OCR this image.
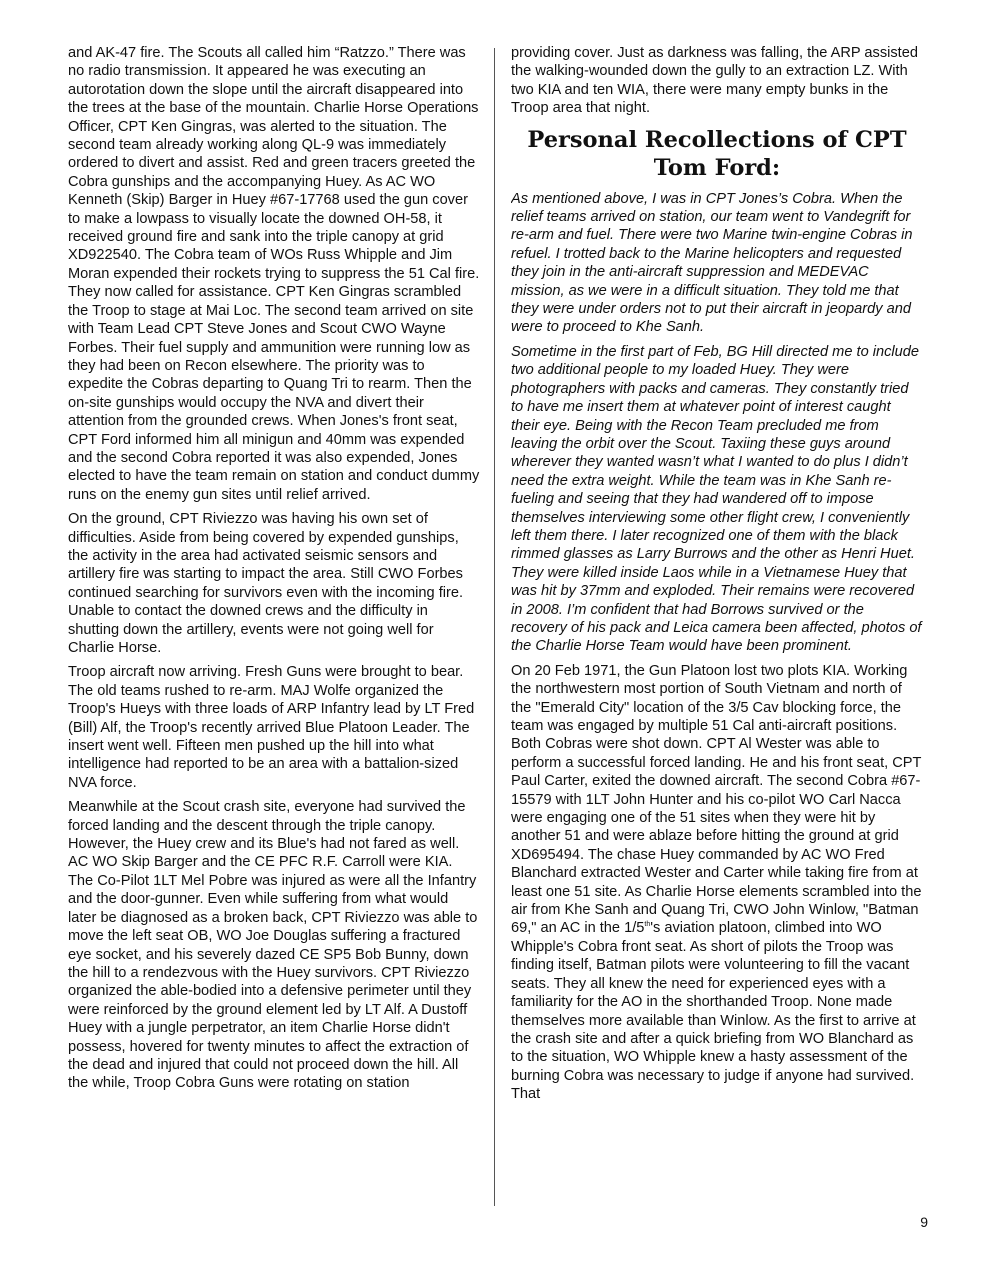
and AK-47 fire. The Scouts all called him “Ratzzo.” There was no radio transmission. It appeared he was executing an autorotation down the slope until the aircraft disappeared into the trees at the base of the mountain. Charlie Horse Operations Officer, CPT Ken Gingras, was alerted to the situation. The second team already working along QL-9 was immediately ordered to divert and assist. Red and green tracers greeted the Cobra gunships and the accompanying Huey. As AC WO Kenneth (Skip) Barger in Huey #67-17768 used the gun cover to make a lowpass to visually locate the downed OH-58, it received ground fire and sank into the triple canopy at grid XD922540. The Cobra team of WOs Russ Whipple and Jim Moran expended their rockets trying to suppress the 51 Cal fire. They now called for assistance. CPT Ken Gingras scrambled the Troop to stage at Mai Loc. The second team arrived on site with Team Lead CPT Steve Jones and Scout CWO Wayne Forbes. Their fuel supply and ammunition were running low as they had been on Recon elsewhere. The priority was to expedite the Cobras departing to Quang Tri to rearm. Then the on-site gunships would occupy the NVA and divert their attention from the grounded crews. When Jones's front seat, CPT Ford informed him all minigun and 40mm was expended and the second Cobra reported it was also expended, Jones elected to have the team remain on station and conduct dummy runs on the enemy gun sites until relief arrived.

On the ground, CPT Riviezzo was having his own set of difficulties. Aside from being covered by expended gunships, the activity in the area had activated seismic sensors and artillery fire was starting to impact the area. Still CWO Forbes continued searching for survivors even with the incoming fire. Unable to contact the downed crews and the difficulty in shutting down the artillery, events were not going well for Charlie Horse.

Troop aircraft now arriving. Fresh Guns were brought to bear. The old teams rushed to re-arm. MAJ Wolfe organized the Troop's Hueys with three loads of ARP Infantry lead by LT Fred (Bill) Alf, the Troop's recently arrived Blue Platoon Leader. The insert went well. Fifteen men pushed up the hill into what intelligence had reported to be an area with a battalion-sized NVA force.

Meanwhile at the Scout crash site, everyone had survived the forced landing and the descent through the triple canopy. However, the Huey crew and its Blue's had not fared as well. AC WO Skip Barger and the CE PFC R.F. Carroll were KIA. The Co-Pilot 1LT Mel Pobre was injured as were all the Infantry and the door-gunner. Even while suffering from what would later be diagnosed as a broken back, CPT Riviezzo was able to move the left seat OB, WO Joe Douglas suffering a fractured eye socket, and his severely dazed CE SP5 Bob Bunny, down the hill to a rendezvous with the Huey survivors. CPT Riviezzo organized the able-bodied into a defensive perimeter until they were reinforced by the ground element led by LT Alf. A Dustoff Huey with a jungle perpetrator, an item Charlie Horse didn't possess, hovered for twenty minutes to affect the extraction of the dead and injured that could not proceed down the hill. All the while, Troop Cobra Guns were rotating on station

providing cover. Just as darkness was falling, the ARP assisted the walking-wounded down the gully to an extraction LZ. With two KIA and ten WIA, there were many empty bunks in the Troop area that night.

Personal Recollections of CPT Tom Ford:

As mentioned above, I was in CPT Jones’s Cobra. When the relief teams arrived on station, our team went to Vandegrift for re-arm and fuel. There were two Marine twin-engine Cobras in refuel. I trotted back to the Marine helicopters and requested they join in the anti-aircraft suppression and MEDEVAC mission, as we were in a difficult situation. They told me that they were under orders not to put their aircraft in jeopardy and were to proceed to Khe Sanh.

Sometime in the first part of Feb, BG Hill directed me to include two additional people to my loaded Huey. They were photographers with packs and cameras. They constantly tried to have me insert them at whatever point of interest caught their eye. Being with the Recon Team precluded me from leaving the orbit over the Scout. Taxiing these guys around wherever they wanted wasn’t what I wanted to do plus I didn’t need the extra weight. While the team was in Khe Sanh re-fueling and seeing that they had wandered off to impose themselves interviewing some other flight crew, I conveniently left them there. I later recognized one of them with the black rimmed glasses as Larry Burrows and the other as Henri Huet. They were killed inside Laos while in a Vietnamese Huey that was hit by 37mm and exploded. Their remains were recovered in 2008. I’m confident that had Borrows survived or the recovery of his pack and Leica camera been affected, photos of the Charlie Horse Team would have been prominent.

On 20 Feb 1971, the Gun Platoon lost two plots KIA. Working the northwestern most portion of South Vietnam and north of the "Emerald City" location of the 3/5 Cav blocking force, the team was engaged by multiple 51 Cal anti-aircraft positions. Both Cobras were shot down. CPT Al Wester was able to perform a successful forced landing. He and his front seat, CPT Paul Carter, exited the downed aircraft. The second Cobra #67-15579 with 1LT John Hunter and his co-pilot WO Carl Nacca were engaging one of the 51 sites when they were hit by another 51 and were ablaze before hitting the ground at grid XD695494. The chase Huey commanded by AC WO Fred Blanchard extracted Wester and Carter while taking fire from at least one 51 site. As Charlie Horse elements scrambled into the air from Khe Sanh and Quang Tri, CWO John Winlow, "Batman 69," an AC in the 1/5th's aviation platoon, climbed into WO Whipple's Cobra front seat. As short of pilots the Troop was finding itself, Batman pilots were volunteering to fill the vacant seats. They all knew the need for experienced eyes with a familiarity for the AO in the shorthanded Troop. None made themselves more available than Winlow. As the first to arrive at the crash site and after a quick briefing from WO Blanchard as to the situation, WO Whipple knew a hasty assessment of the burning Cobra was necessary to judge if anyone had survived. That

9
